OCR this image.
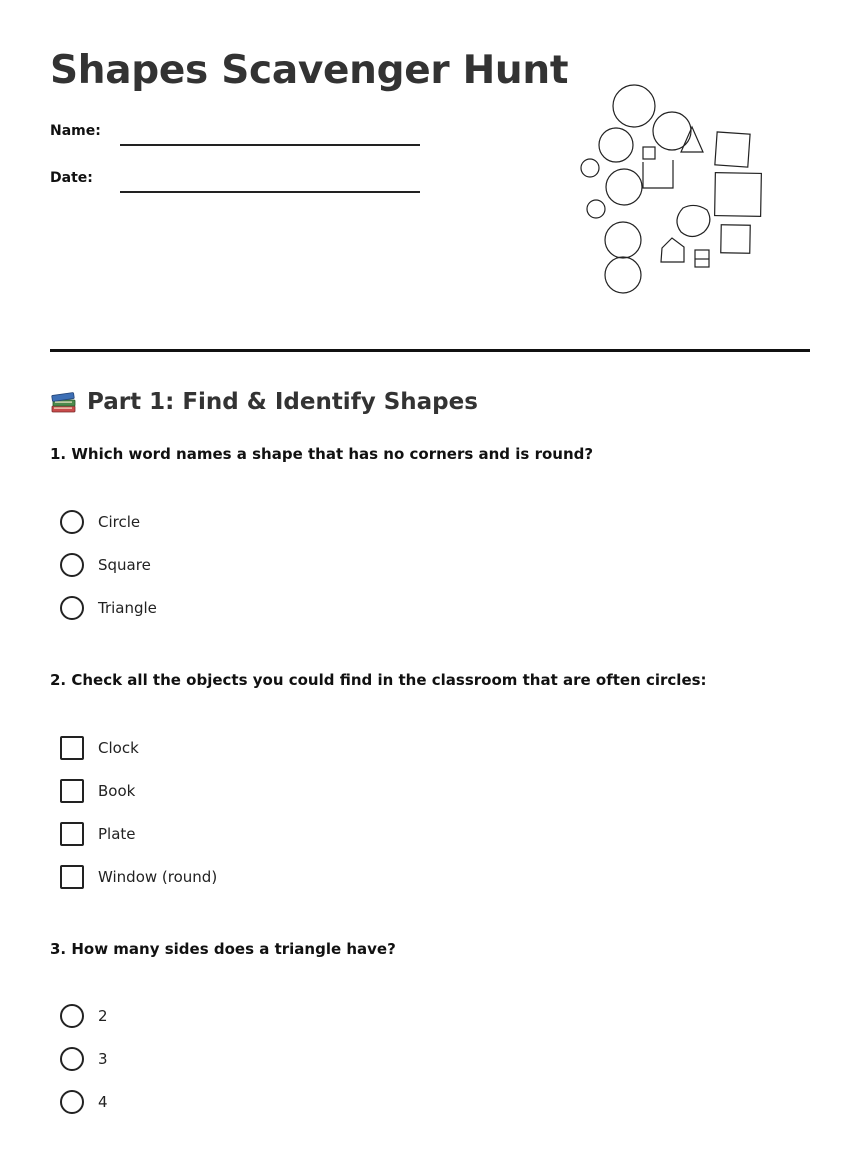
Shapes Scavenger Hunt
Name:
Date:
Part 1: Find & Identify Shapes
1. Which word names a shape that has no corners and is round?
Circle
Square
Triangle
2. Check all the objects you could find in the classroom that are often circles:
Clock
Book
Plate
Window (round)
3. How many sides does a triangle have?
2
3
4
